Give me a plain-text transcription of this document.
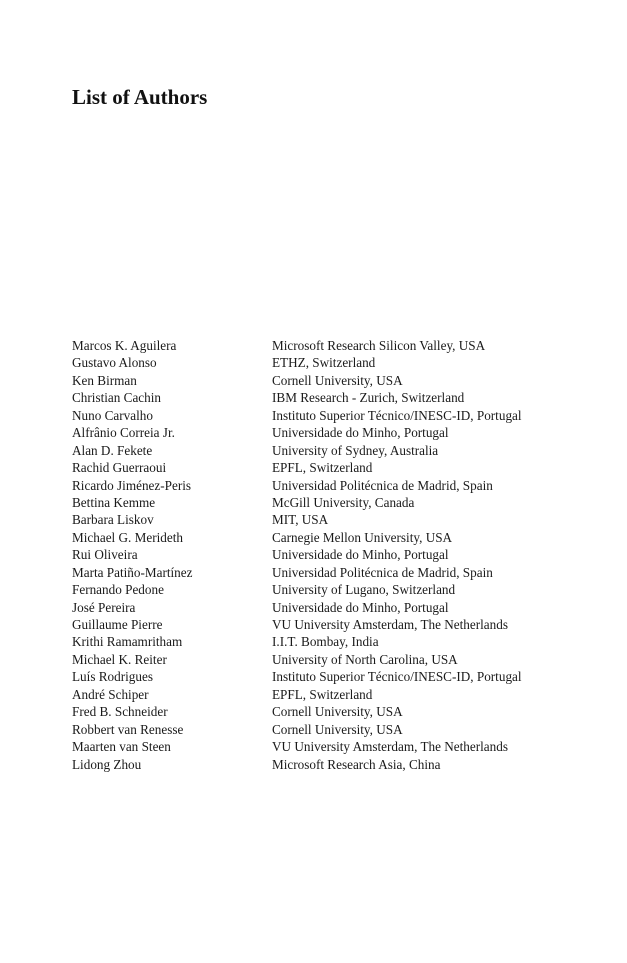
List of Authors
Marcos K. Aguilera	Microsoft Research Silicon Valley, USA
Gustavo Alonso	ETHZ, Switzerland
Ken Birman	Cornell University, USA
Christian Cachin	IBM Research - Zurich, Switzerland
Nuno Carvalho	Instituto Superior Técnico/INESC-ID, Portugal
Alfrânio Correia Jr.	Universidade do Minho, Portugal
Alan D. Fekete	University of Sydney, Australia
Rachid Guerraoui	EPFL, Switzerland
Ricardo Jiménez-Peris	Universidad Politécnica de Madrid, Spain
Bettina Kemme	McGill University, Canada
Barbara Liskov	MIT, USA
Michael G. Merideth	Carnegie Mellon University, USA
Rui Oliveira	Universidade do Minho, Portugal
Marta Patiño-Martínez	Universidad Politécnica de Madrid, Spain
Fernando Pedone	University of Lugano, Switzerland
José Pereira	Universidade do Minho, Portugal
Guillaume Pierre	VU University Amsterdam, The Netherlands
Krithi Ramamritham	I.I.T. Bombay, India
Michael K. Reiter	University of North Carolina, USA
Luís Rodrigues	Instituto Superior Técnico/INESC-ID, Portugal
André Schiper	EPFL, Switzerland
Fred B. Schneider	Cornell University, USA
Robbert van Renesse	Cornell University, USA
Maarten van Steen	VU University Amsterdam, The Netherlands
Lidong Zhou	Microsoft Research Asia, China
